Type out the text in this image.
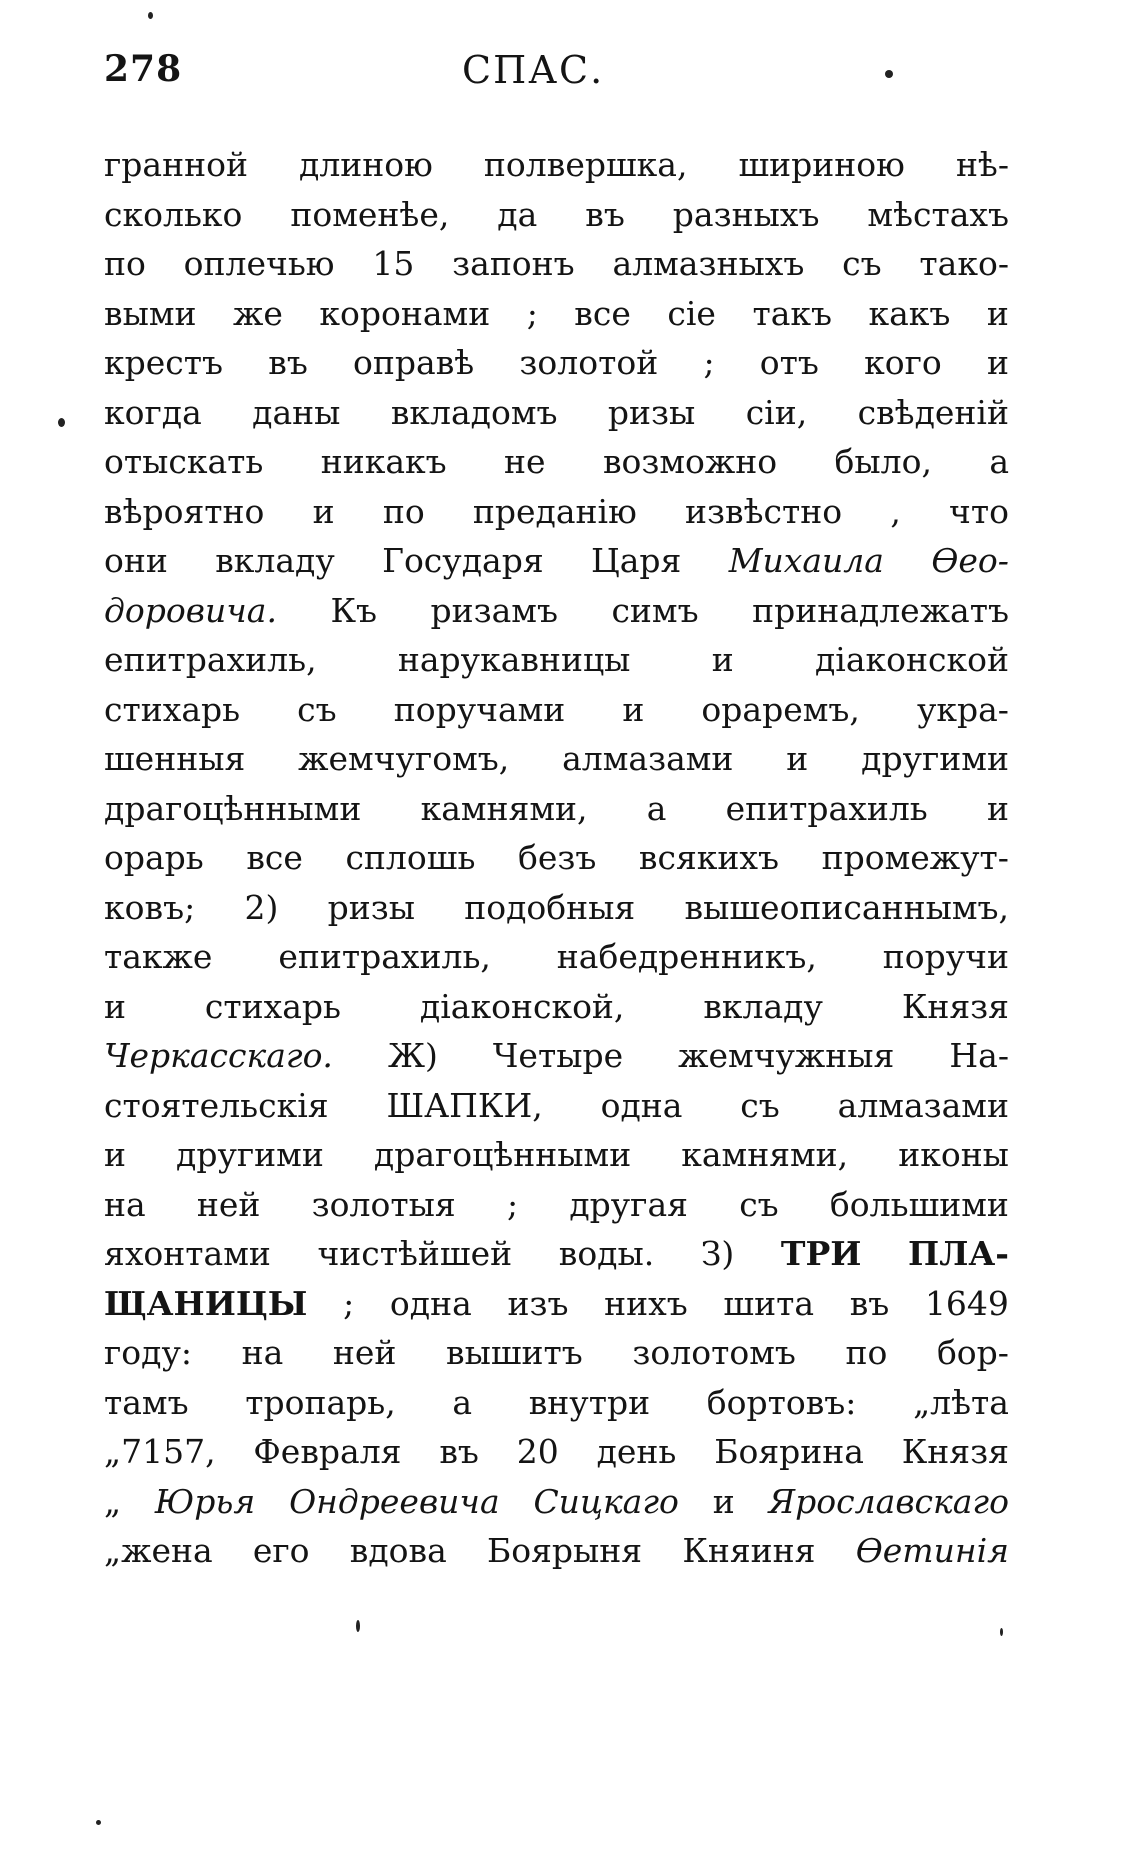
278	СПАС.
гранной длиною полвершка, шириною нѣ-
сколько поменѣе, да въ разныхъ мѣстахъ
по оплечью 15 запонъ алмазныхъ съ тако-
выми же коронами ; все сіе такъ какъ и
крестъ въ оправѣ золотой ; отъ кого и
когда даны вкладомъ ризы сіи, свѣденій
отыскать никакъ не возможно было, а
вѣроятно и по преданію извѣстно , что
они вкладу Государя Царя Михаила Ѳео-
доровича. Къ ризамъ симъ принадлежатъ
епитрахиль, нарукавницы и діаконской
стихарь съ поручами и ораремъ, укра-
шенныя жемчугомъ, алмазами и другими
драгоцѣнными камнями, а епитрахиль и
орарь все сплошь безъ всякихъ промежут-
ковъ; 2) ризы подобныя вышеописаннымъ,
также епитрахиль, набедренникъ, поручи
и стихарь діаконской, вкладу Князя
Черкасскаго. Ж) Четыре жемчужныя На-
стоятельскія ШАПКИ, одна съ алмазами
и другими драгоцѣнными камнями, иконы
на ней золотыя ; другая съ большими
яхонтами чистѣйшей воды. З) ТРИ ПЛА-
ЩАНИЦЫ ; одна изъ нихъ шита въ 1649
году: на ней вышитъ золотомъ по бор-
тамъ тропарь, а внутри бортовъ: „лѣта
„7157, Февраля въ 20 день Боярина Князя
„ Юрья Ондреевича Сицкаго и Ярославскаго
„жена его вдова Боярыня Княиня Ѳетинія
